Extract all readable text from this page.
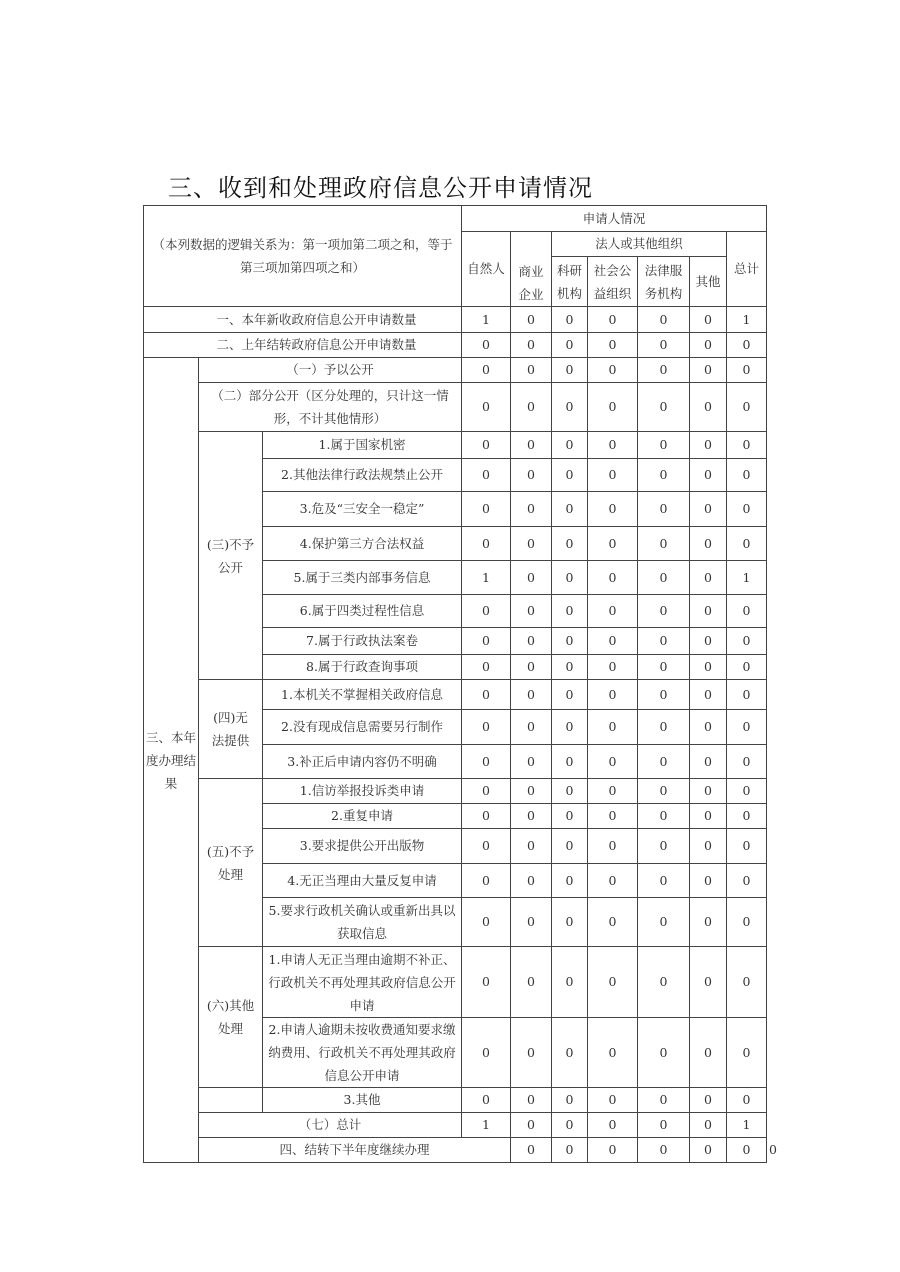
三、收到和处理政府信息公开申请情况
（本列数据的逻辑关系为：第一项加第二项之和，等于第三项加第四项之和）			申请人情况							
			自然人		法人或其他组织				总计	
				商业企业	科研机构	社会公益组织	法律服务机构	其他		
一、本年新收政府信息公开申请数量			1	0	0	0	0	0	1	
二、上年结转政府信息公开申请数量			0	0	0	0	0	0	0	
三、本年度办理结果	（一）予以公开		0	0	0	0	0	0	0	
	（二）部分公开（区分处理的，只计这一情形，不计其他情形）		0	0	0	0	0	0	0	
	(三)不予公开	1.属于国家机密	0	0	0	0	0	0	0	
		2.其他法律行政法规禁止公开	0	0	0	0	0	0	0	
		3.危及“三安全一稳定”	0	0	0	0	0	0	0	
		4.保护第三方合法权益	0	0	0	0	0	0	0	
		5.属于三类内部事务信息	1	0	0	0	0	0	1	
		6.属于四类过程性信息	0	0	0	0	0	0	0	
		7.属于行政执法案卷	0	0	0	0	0	0	0	
		8.属于行政查询事项	0	0	0	0	0	0	0	
	(四)无法提供	1.本机关不掌握相关政府信息	0	0	0	0	0	0	0	
		2.没有现成信息需要另行制作	0	0	0	0	0	0	0	
		3.补正后申请内容仍不明确	0	0	0	0	0	0	0	
	(五)不予处理	1.信访举报投诉类申请	0	0	0	0	0	0	0	
		2.重复申请	0	0	0	0	0	0	0	
		3.要求提供公开出版物	0	0	0	0	0	0	0	
		4.无正当理由大量反复申请	0	0	0	0	0	0	0	
		5.要求行政机关确认或重新出具以获取信息	0	0	0	0	0	0	0	
	(六)其他处理	1.申请人无正当理由逾期不补正、行政机关不再处理其政府信息公开申请	0	0	0	0	0	0	0	
		2.申请人逾期未按收费通知要求缴纳费用、行政机关不再处理其政府信息公开申请	0	0	0	0	0	0	0	
		3.其他	0	0	0	0	0	0	0	
	（七）总计		1	0	0	0	0	0	1	
	四、结转下半年度继续办理			0	0	0	0	0	0	0
